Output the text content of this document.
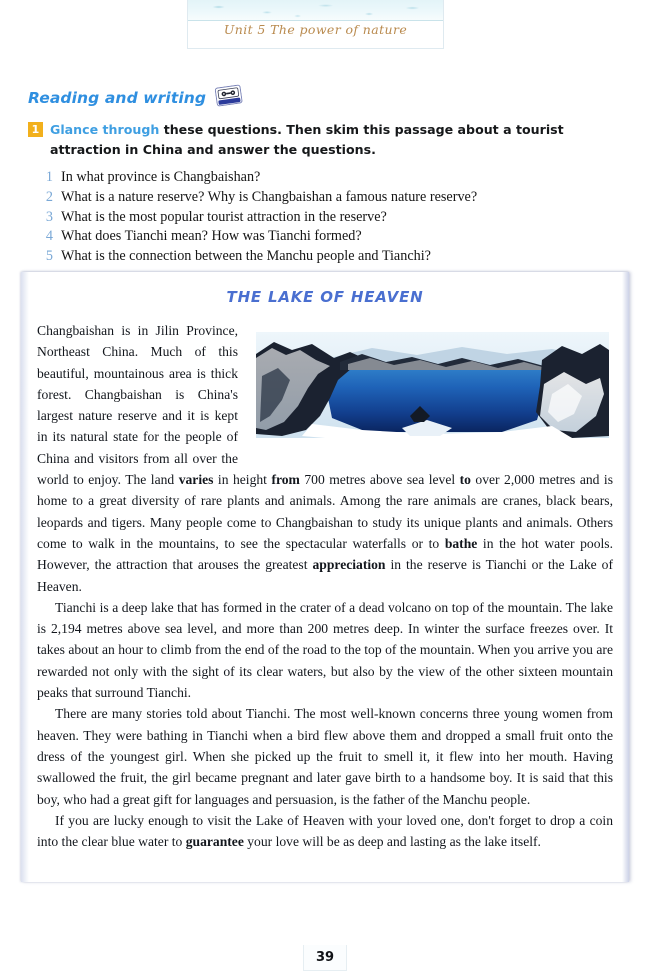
Unit 5 The power of nature
Reading and writing
1 Glance through these questions. Then skim this passage about a tourist attraction in China and answer the questions.
1 In what province is Changbaishan?
2 What is a nature reserve? Why is Changbaishan a famous nature reserve?
3 What is the most popular tourist attraction in the reserve?
4 What does Tianchi mean? How was Tianchi formed?
5 What is the connection between the Manchu people and Tianchi?
THE LAKE OF HEAVEN

Changbaishan is in Jilin Province, Northeast China. Much of this beautiful, mountainous area is thick forest. Changbaishan is China's largest nature reserve and it is kept in its natural state for the people of China and visitors from all over the world to enjoy. The land varies in height from 700 metres above sea level to over 2,000 metres and is home to a great diversity of rare plants and animals. Among the rare animals are cranes, black bears, leopards and tigers. Many people come to Changbaishan to study its unique plants and animals. Others come to walk in the mountains, to see the spectacular waterfalls or to bathe in the hot water pools. However, the attraction that arouses the greatest appreciation in the reserve is Tianchi or the Lake of Heaven.

Tianchi is a deep lake that has formed in the crater of a dead volcano on top of the mountain. The lake is 2,194 metres above sea level, and more than 200 metres deep. In winter the surface freezes over. It takes about an hour to climb from the end of the road to the top of the mountain. When you arrive you are rewarded not only with the sight of its clear waters, but also by the view of the other sixteen mountain peaks that surround Tianchi.

There are many stories told about Tianchi. The most well-known concerns three young women from heaven. They were bathing in Tianchi when a bird flew above them and dropped a small fruit onto the dress of the youngest girl. When she picked up the fruit to smell it, it flew into her mouth. Having swallowed the fruit, the girl became pregnant and later gave birth to a handsome boy. It is said that this boy, who had a great gift for languages and persuasion, is the father of the Manchu people.

If you are lucky enough to visit the Lake of Heaven with your loved one, don't forget to drop a coin into the clear blue water to guarantee your love will be as deep and lasting as the lake itself.

39
